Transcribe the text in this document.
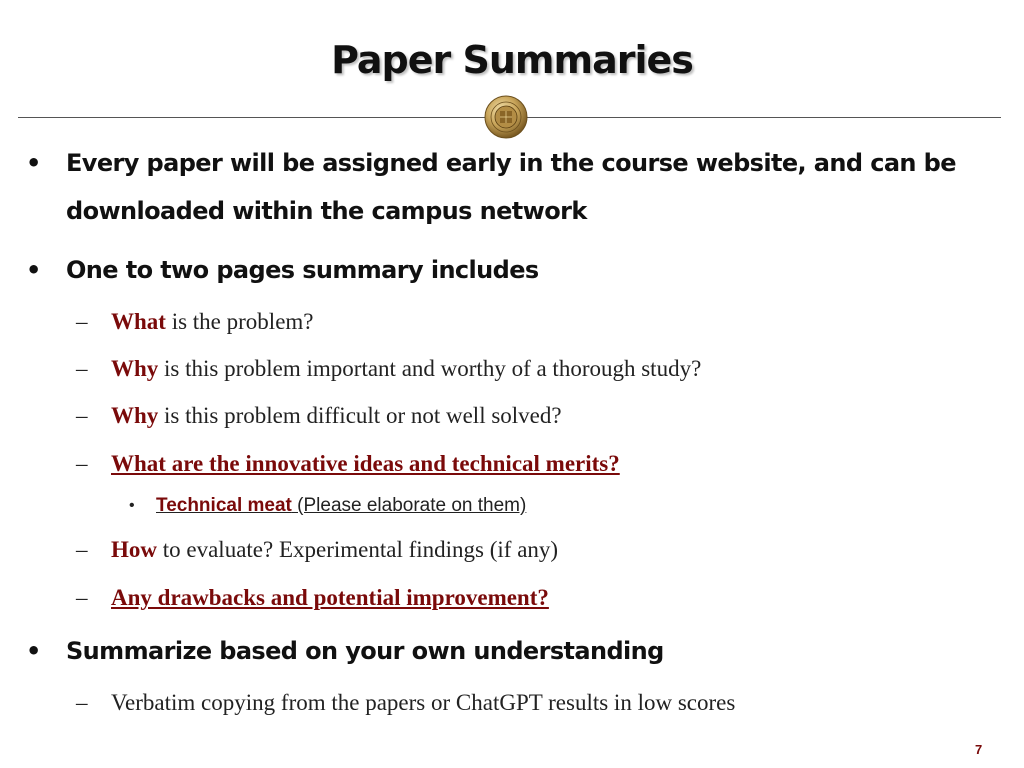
Paper Summaries
• Every paper will be assigned early in the course website, and can be downloaded within the campus network
• One to two pages summary includes
– What is the problem?
– Why is this problem important and worthy of a thorough study?
– Why is this problem difficult or not well solved?
– What are the innovative ideas and technical merits?
• Technical meat (Please elaborate on them)
– How to evaluate? Experimental findings (if any)
– Any drawbacks and potential improvement?
• Summarize based on your own understanding
– Verbatim copying from the papers or ChatGPT results in low scores
7
